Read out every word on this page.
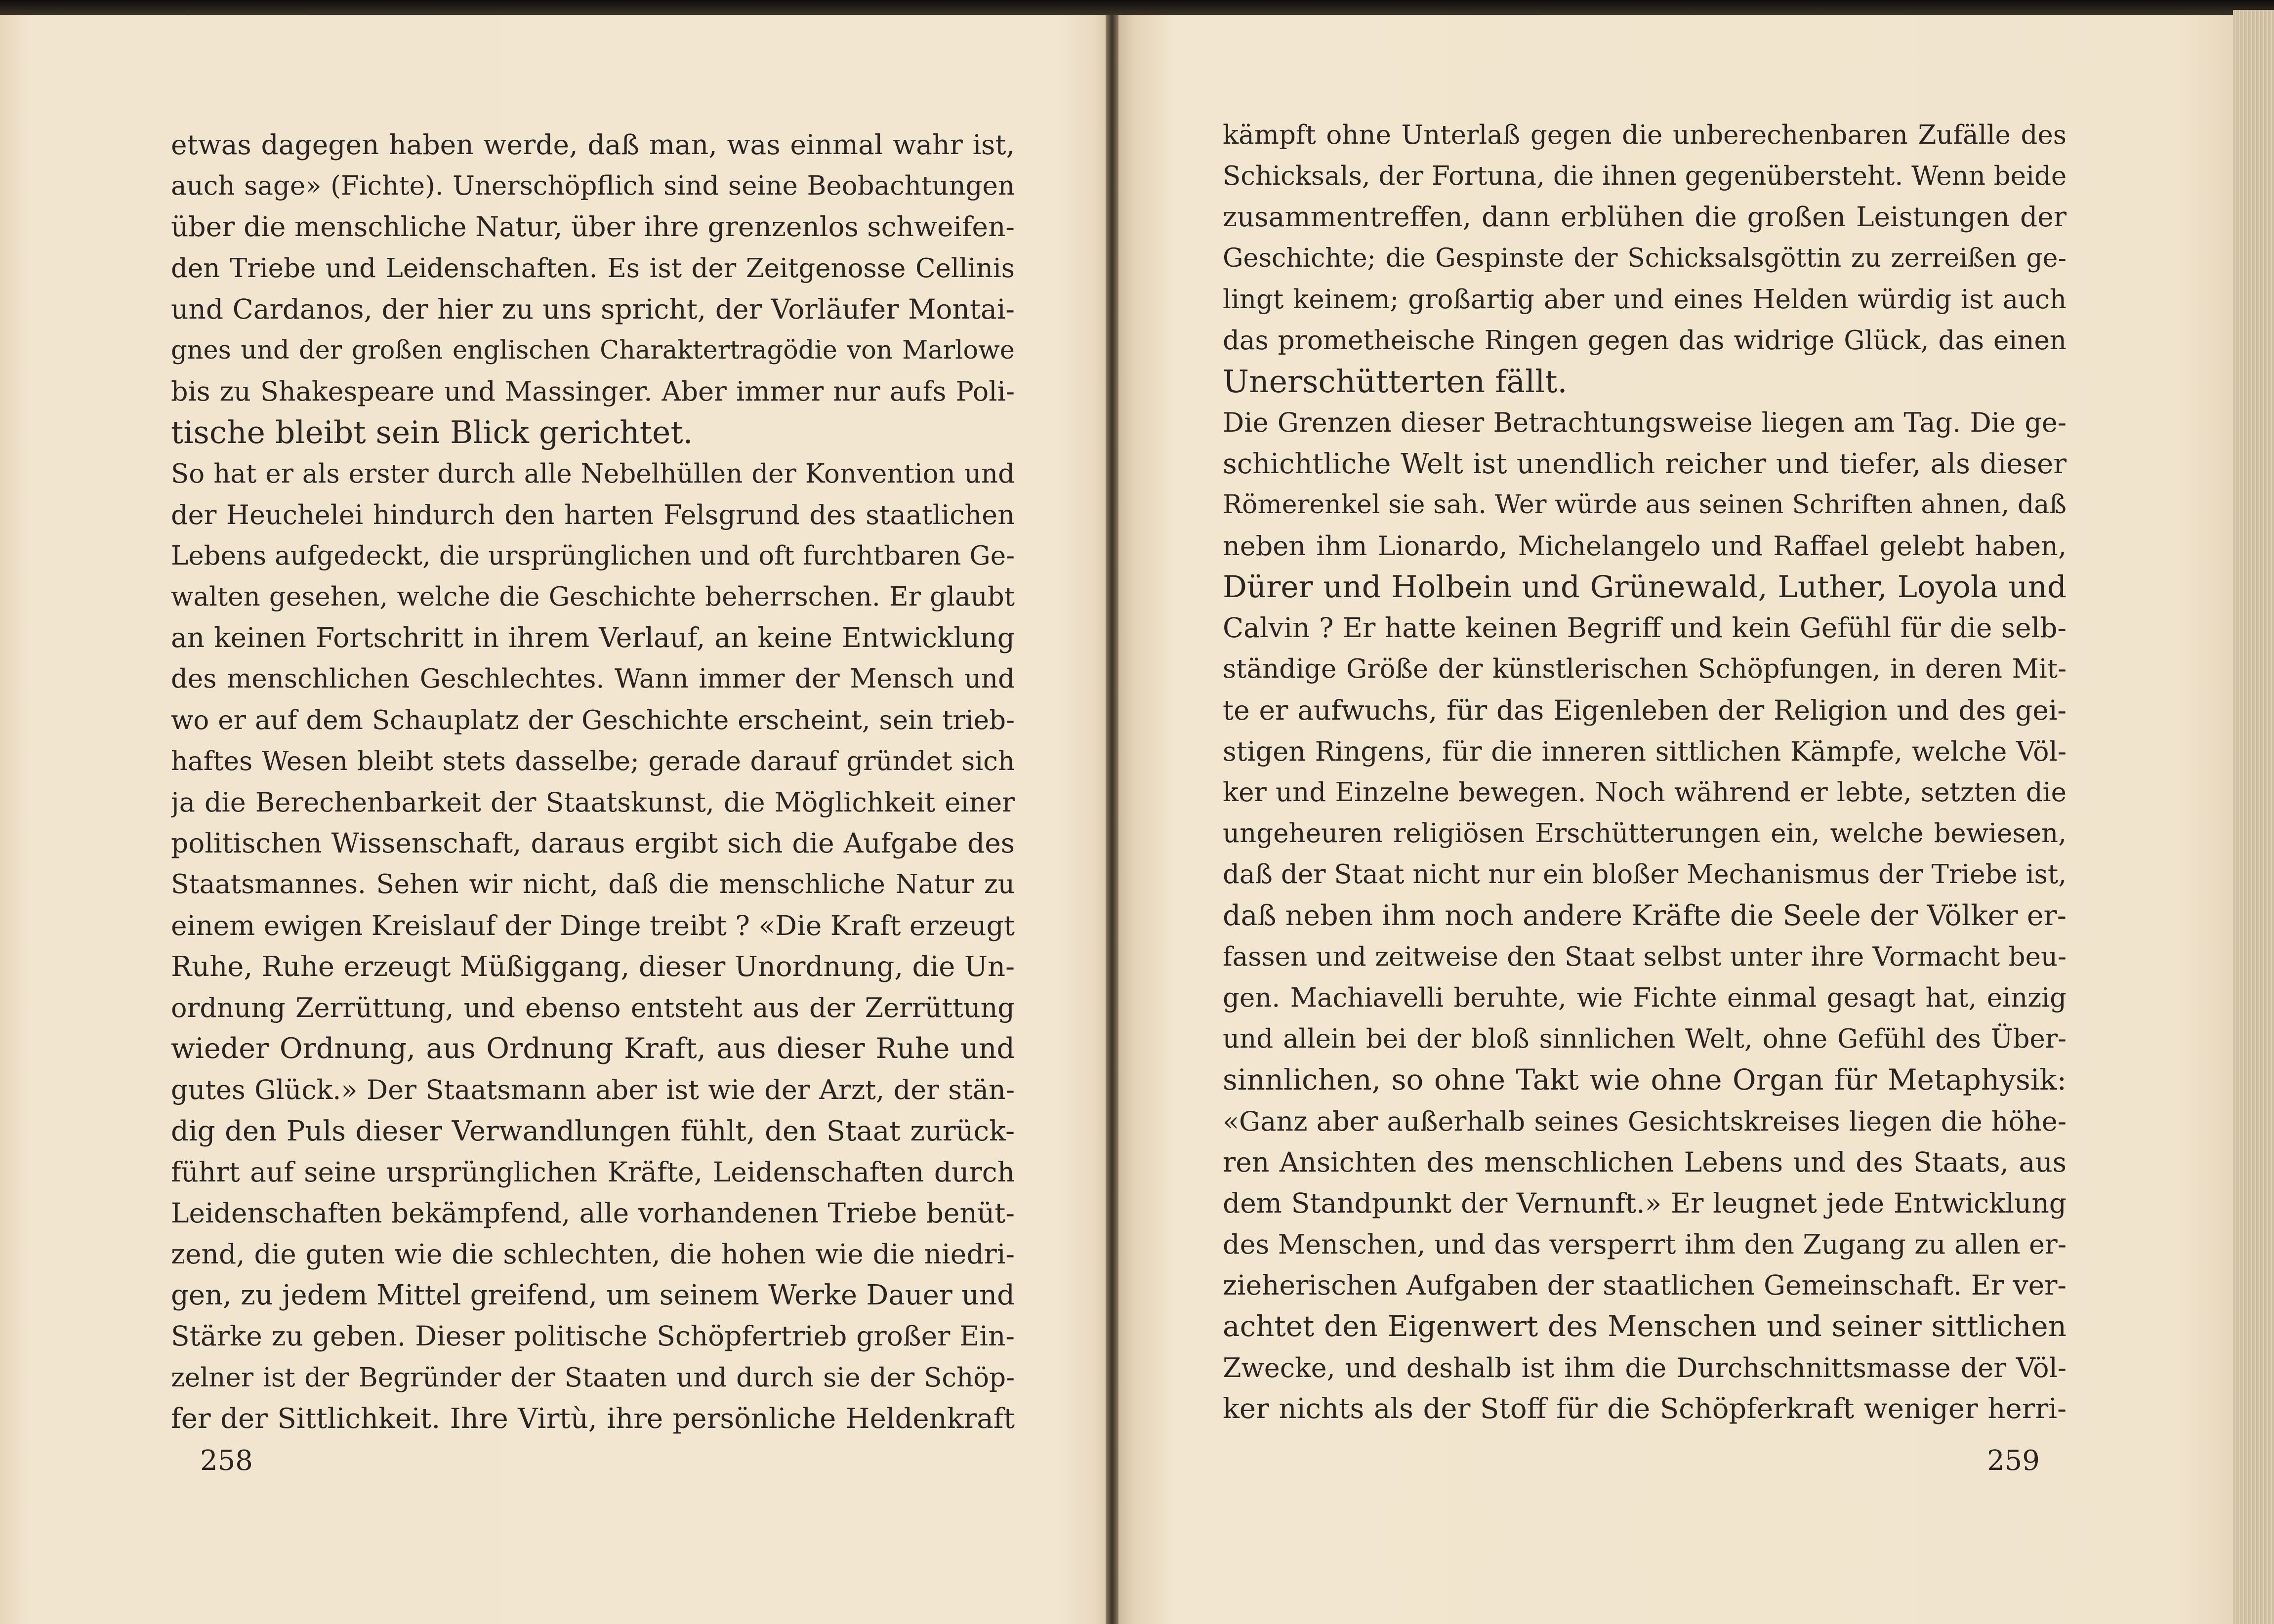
etwas dagegen haben werde, daß man, was einmal wahr ist,
auch sage» (Fichte). Unerschöpflich sind seine Beobachtungen
über die menschliche Natur, über ihre grenzenlos schweifen-
den Triebe und Leidenschaften. Es ist der Zeitgenosse Cellinis
und Cardanos, der hier zu uns spricht, der Vorläufer Montai-
gnes und der großen englischen Charaktertragödie von Marlowe
bis zu Shakespeare und Massinger. Aber immer nur aufs Poli-
tische bleibt sein Blick gerichtet.
So hat er als erster durch alle Nebelhüllen der Konvention und
der Heuchelei hindurch den harten Felsgrund des staatlichen
Lebens aufgedeckt, die ursprünglichen und oft furchtbaren Ge-
walten gesehen, welche die Geschichte beherrschen. Er glaubt
an keinen Fortschritt in ihrem Verlauf, an keine Entwicklung
des menschlichen Geschlechtes. Wann immer der Mensch und
wo er auf dem Schauplatz der Geschichte erscheint, sein trieb-
haftes Wesen bleibt stets dasselbe; gerade darauf gründet sich
ja die Berechenbarkeit der Staatskunst, die Möglichkeit einer
politischen Wissenschaft, daraus ergibt sich die Aufgabe des
Staatsmannes. Sehen wir nicht, daß die menschliche Natur zu
einem ewigen Kreislauf der Dinge treibt ? «Die Kraft erzeugt
Ruhe, Ruhe erzeugt Müßiggang, dieser Unordnung, die Un-
ordnung Zerrüttung, und ebenso entsteht aus der Zerrüttung
wieder Ordnung, aus Ordnung Kraft, aus dieser Ruhe und
gutes Glück.» Der Staatsmann aber ist wie der Arzt, der stän-
dig den Puls dieser Verwandlungen fühlt, den Staat zurück-
führt auf seine ursprünglichen Kräfte, Leidenschaften durch
Leidenschaften bekämpfend, alle vorhandenen Triebe benüt-
zend, die guten wie die schlechten, die hohen wie die niedri-
gen, zu jedem Mittel greifend, um seinem Werke Dauer und
Stärke zu geben. Dieser politische Schöpfertrieb großer Ein-
zelner ist der Begründer der Staaten und durch sie der Schöp-
fer der Sittlichkeit. Ihre Virtù, ihre persönliche Heldenkraft
258
kämpft ohne Unterlaß gegen die unberechenbaren Zufälle des
Schicksals, der Fortuna, die ihnen gegenübersteht. Wenn beide
zusammentreffen, dann erblühen die großen Leistungen der
Geschichte; die Gespinste der Schicksalsgöttin zu zerreißen ge-
lingt keinem; großartig aber und eines Helden würdig ist auch
das prometheische Ringen gegen das widrige Glück, das einen
Unerschütterten fällt.
Die Grenzen dieser Betrachtungsweise liegen am Tag. Die ge-
schichtliche Welt ist unendlich reicher und tiefer, als dieser
Römerenkel sie sah. Wer würde aus seinen Schriften ahnen, daß
neben ihm Lionardo, Michelangelo und Raffael gelebt haben,
Dürer und Holbein und Grünewald, Luther, Loyola und
Calvin ? Er hatte keinen Begriff und kein Gefühl für die selb-
ständige Größe der künstlerischen Schöpfungen, in deren Mit-
te er aufwuchs, für das Eigenleben der Religion und des gei-
stigen Ringens, für die inneren sittlichen Kämpfe, welche Völ-
ker und Einzelne bewegen. Noch während er lebte, setzten die
ungeheuren religiösen Erschütterungen ein, welche bewiesen,
daß der Staat nicht nur ein bloßer Mechanismus der Triebe ist,
daß neben ihm noch andere Kräfte die Seele der Völker er-
fassen und zeitweise den Staat selbst unter ihre Vormacht beu-
gen. Machiavelli beruhte, wie Fichte einmal gesagt hat, einzig
und allein bei der bloß sinnlichen Welt, ohne Gefühl des Über-
sinnlichen, so ohne Takt wie ohne Organ für Metaphysik:
«Ganz aber außerhalb seines Gesichtskreises liegen die höhe-
ren Ansichten des menschlichen Lebens und des Staats, aus
dem Standpunkt der Vernunft.» Er leugnet jede Entwicklung
des Menschen, und das versperrt ihm den Zugang zu allen er-
zieherischen Aufgaben der staatlichen Gemeinschaft. Er ver-
achtet den Eigenwert des Menschen und seiner sittlichen
Zwecke, und deshalb ist ihm die Durchschnittsmasse der Völ-
ker nichts als der Stoff für die Schöpferkraft weniger herri-
259
